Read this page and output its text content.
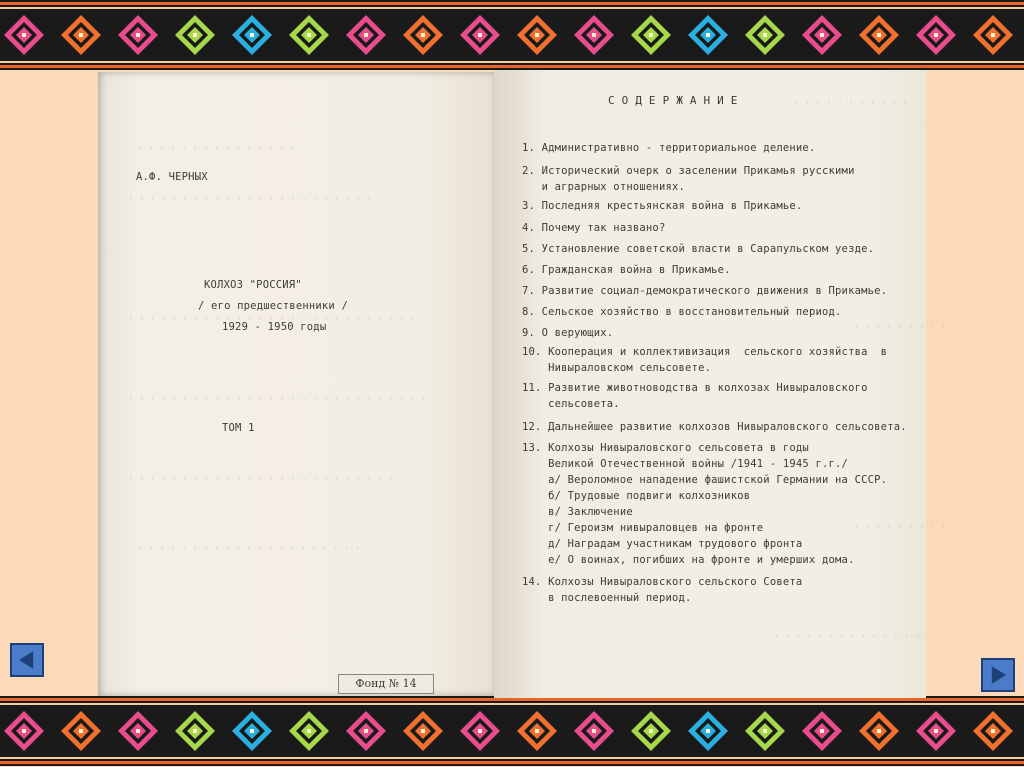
. . . . . . . . . . . . . . .
. . . . . . . . . . . . . . . . . . . . . . .
. . . . . . . . . . . . . . . . . . . . . . . . . . .
. . . . . . . . . . . . . . . . . . . . . . . . . . . .
. . . . . . . . . . . . . . . . . . . . . . . . .
. . . . . . . . . . . . . . . . . . . . .
А.Ф. ЧЕРНЫХ
КОЛХОЗ "РОССИЯ"
/ его предшественники /
1929 - 1950 годы
ТОМ 1
Фонд № 14
. . . . . . . . . . .
. . . . . . . . .
. . . . . . . . .
. . . . . . . . . . . . . .
С О Д Е Р Ж А Н И Е
1. Административно - территориальное деление.
2. Исторический очерк о заселении Прикамья русскими
и аграрных отношениях.
3. Последняя крестьянская война в Прикамье.
4. Почему так названо?
5. Установление советской власти в Сарапульском уезде.
6. Гражданская война в Прикамье.
7. Развитие социал-демократического движения в Прикамье.
8. Сельское хозяйство в восстановительный период.
9. О верующих.
10. Кооперация и коллективизация  сельского хозяйства  в
Нивыраловском сельсовете.
11. Развитие животноводства в колхозах Нивыраловского
сельсовета.
12. Дальнейшее развитие колхозов Нивыраловского сельсовета.
13. Колхозы Нивыраловского сельсовета в годы
Великой Отечественной войны /1941 - 1945 г.г./
а/ Вероломное нападение фашистской Германии на СССР.
б/ Трудовые подвиги колхозников
в/ Заключение
г/ Героизм нивыраловцев на фронте
д/ Наградам участникам трудового фронта
е/ О воинах, погибших на фронте и умерших дома.
14. Колхозы Нивыраловского сельского Совета
в послевоенный период.
